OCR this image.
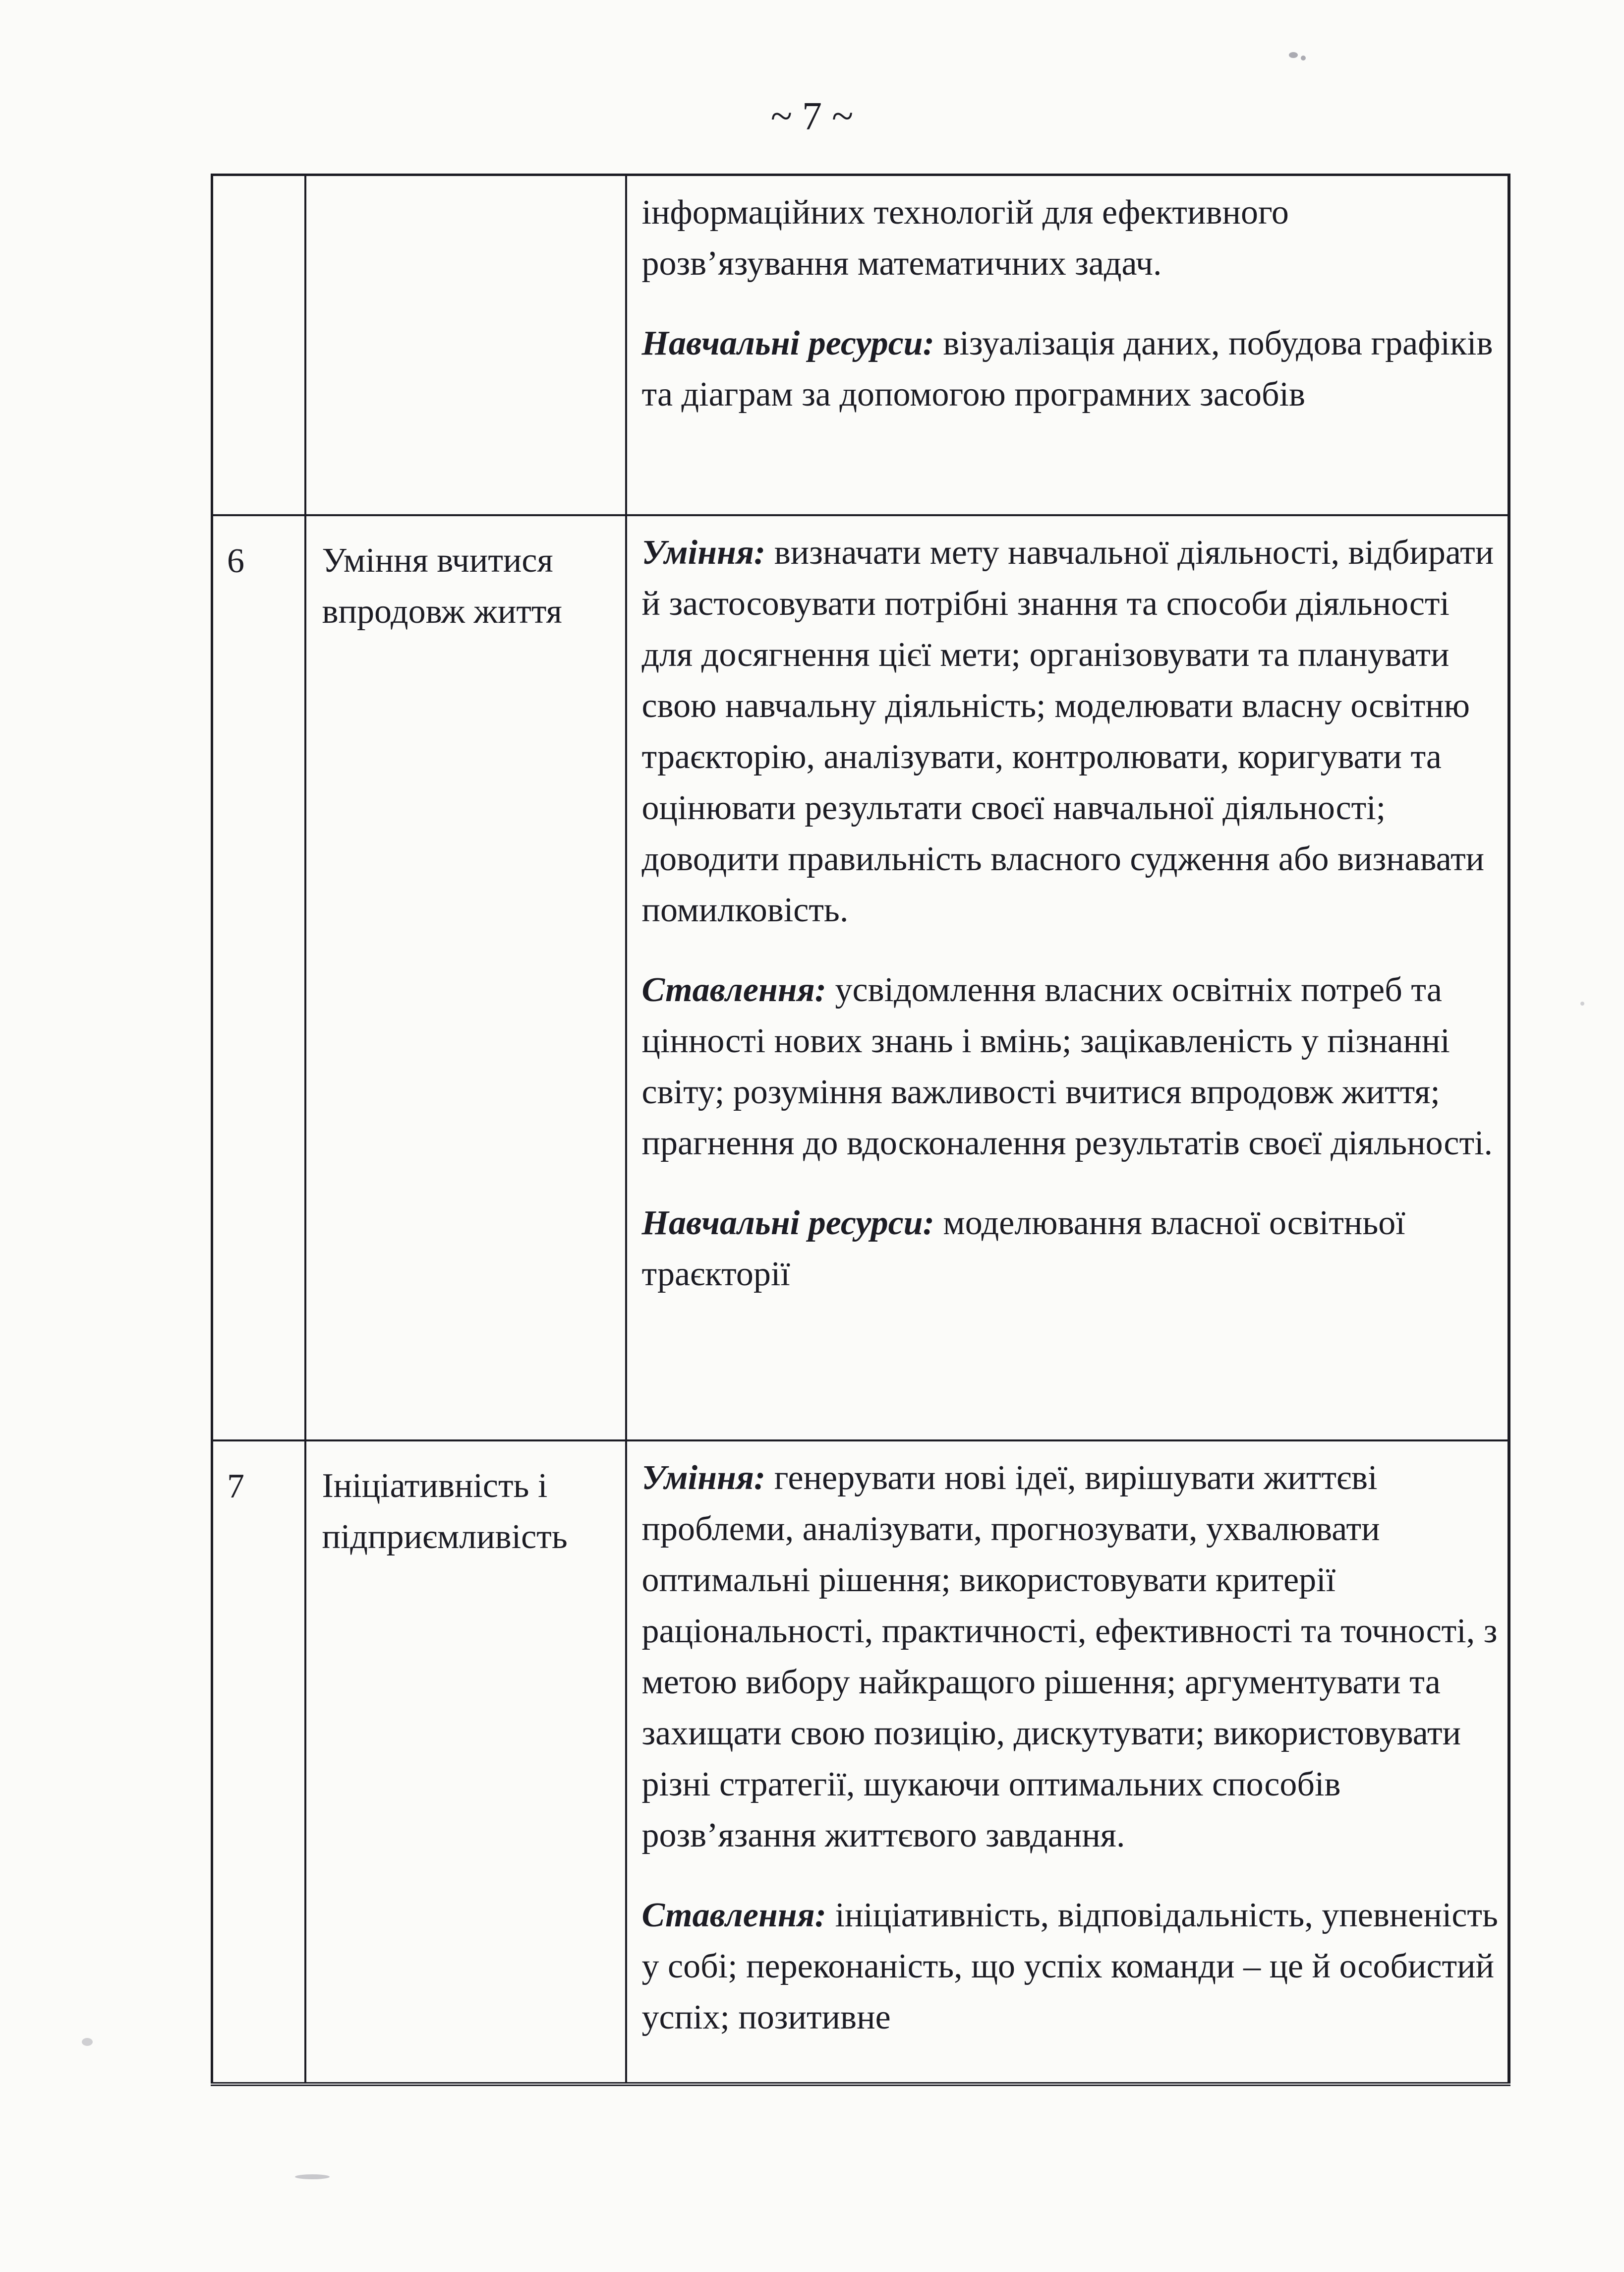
~ 7 ~

		інформаційних технологій для ефективного розв’язування математичних задач.

Навчальні ресурси: візуалізація даних, побудова графіків та діаграм за допомогою програмних засобів

6	Уміння вчитися впродовж життя	Уміння: визначати мету навчальної діяльності, відбирати й застосовувати потрібні знання та способи діяльності для досягнення цієї мети; організовувати та планувати свою навчальну діяльність; моделювати власну освітню траєкторію, аналізувати, контролювати, коригувати та оцінювати результати своєї навчальної діяльності; доводити правильність власного судження або визнавати помилковість.

Ставлення: усвідомлення власних освітніх потреб та цінності нових знань і вмінь; зацікавленість у пізнанні світу; розуміння важливості вчитися впродовж життя; прагнення до вдосконалення результатів своєї діяльності.

Навчальні ресурси: моделювання власної освітньої траєкторії

7	Ініціативність і підприємливість	Уміння: генерувати нові ідеї, вирішувати життєві проблеми, аналізувати, прогнозувати, ухвалювати оптимальні рішення; використовувати критерії раціональності, практичності, ефективності та точності, з метою вибору найкращого рішення; аргументувати та захищати свою позицію, дискутувати; використовувати різні стратегії, шукаючи оптимальних способів розв’язання життєвого завдання.

Ставлення: ініціативність, відповідальність, упевненість у собі; переконаність, що успіх команди – це й особистий успіх; позитивне
